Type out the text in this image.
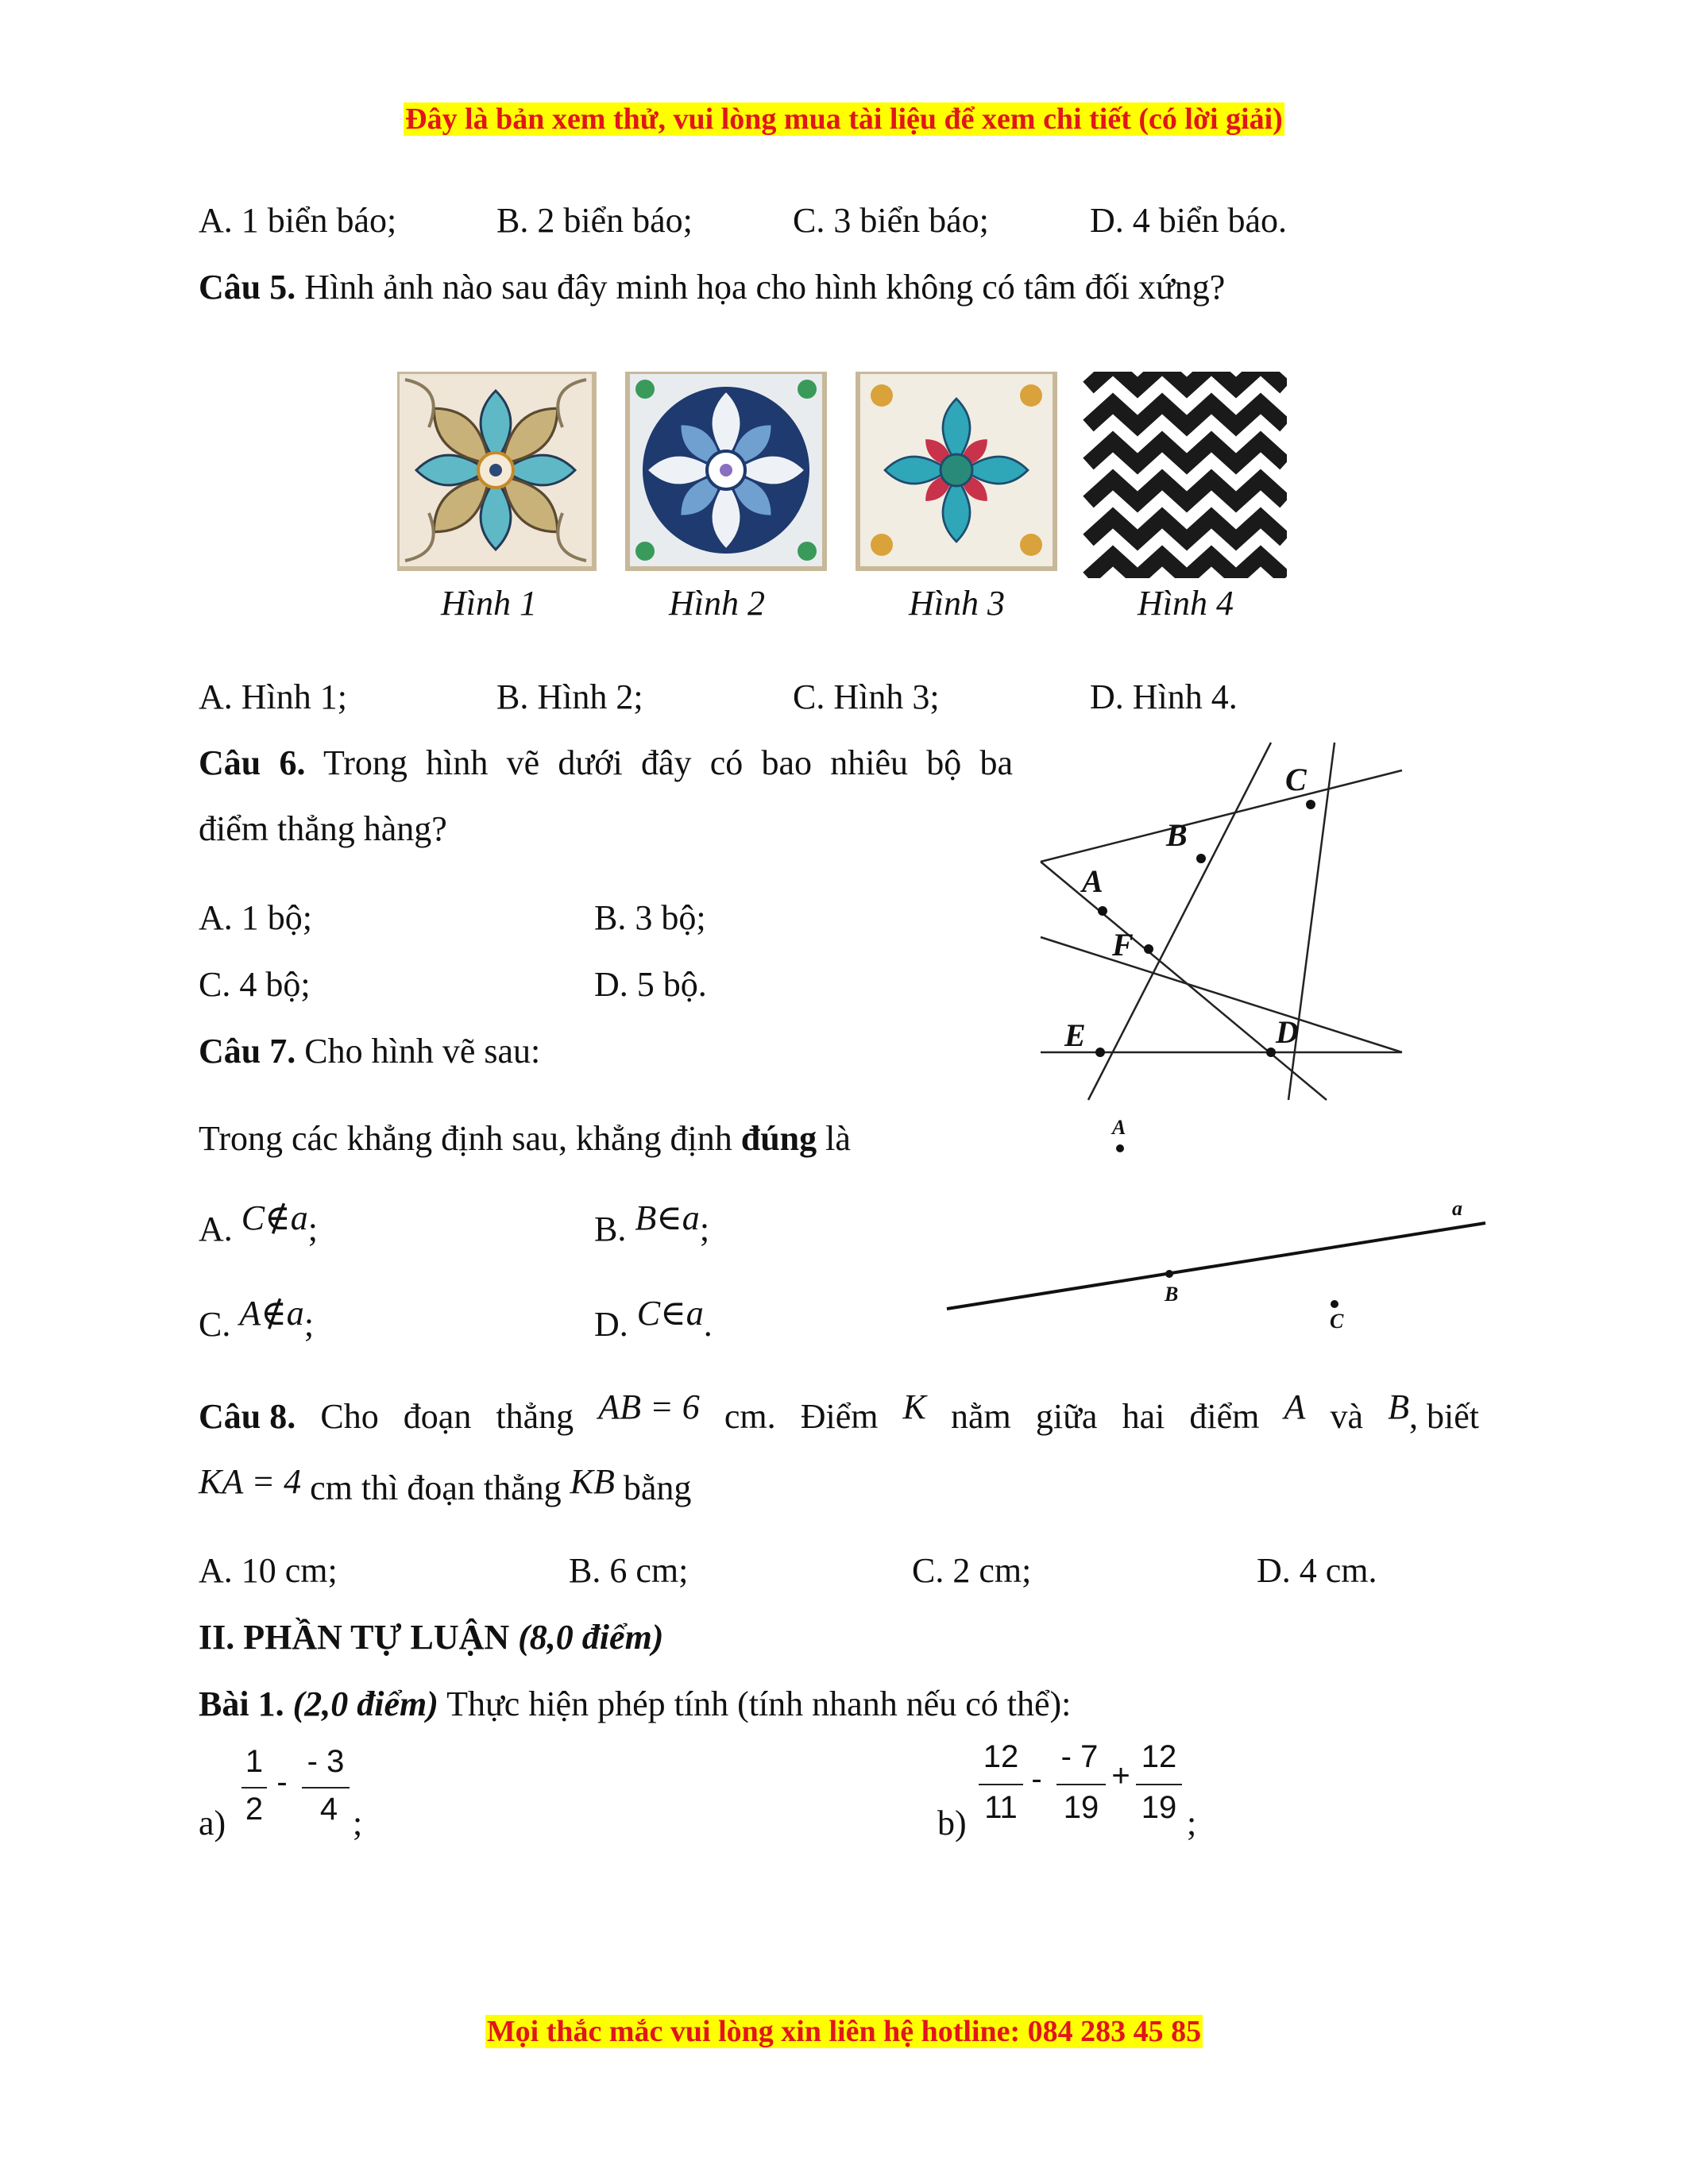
Đây là bản xem thử, vui lòng mua tài liệu để xem chi tiết (có lời giải)
A. 1 biển báo;	B. 2 biển báo;	C. 3 biển báo;	D. 4 biển báo.
Câu 5. Hình ảnh nào sau đây minh họa cho hình không có tâm đối xứng?
Hình 1	Hình 2	Hình 3	Hình 4
A. Hình 1;	B. Hình 2;	C. Hình 3;	D. Hình 4.
Câu 6. Trong hình vẽ dưới đây có bao nhiêu bộ ba
điểm thẳng hàng?
A. 1 bộ;	B. 3 bộ;
C. 4 bộ;	D. 5 bộ.
A
B
C
D
E
F
Câu 7. Cho hình vẽ sau:
Trong các khẳng định sau, khẳng định đúng là
A. C∉a;	B. B∈a;
C. A∉a;	D. C∈a.
A
B
C
a
Câu 8. Cho đoạn thẳng AB = 6 cm. Điểm K nằm giữa hai điểm A và B, biết
KA = 4 cm thì đoạn thẳng KB bằng
A. 10 cm;	B. 6 cm;	C. 2 cm;	D. 4 cm.
II. PHẦN TỰ LUẬN (8,0 điểm)
Bài 1. (2,0 điểm) Thực hiện phép tính (tính nhanh nếu có thể):
a)
1
2
-
- 3
4 ;	b)
12
11
-
- 7
19
+
12
19 ;
Mọi thắc mắc vui lòng xin liên hệ hotline: 084 283 45 85
